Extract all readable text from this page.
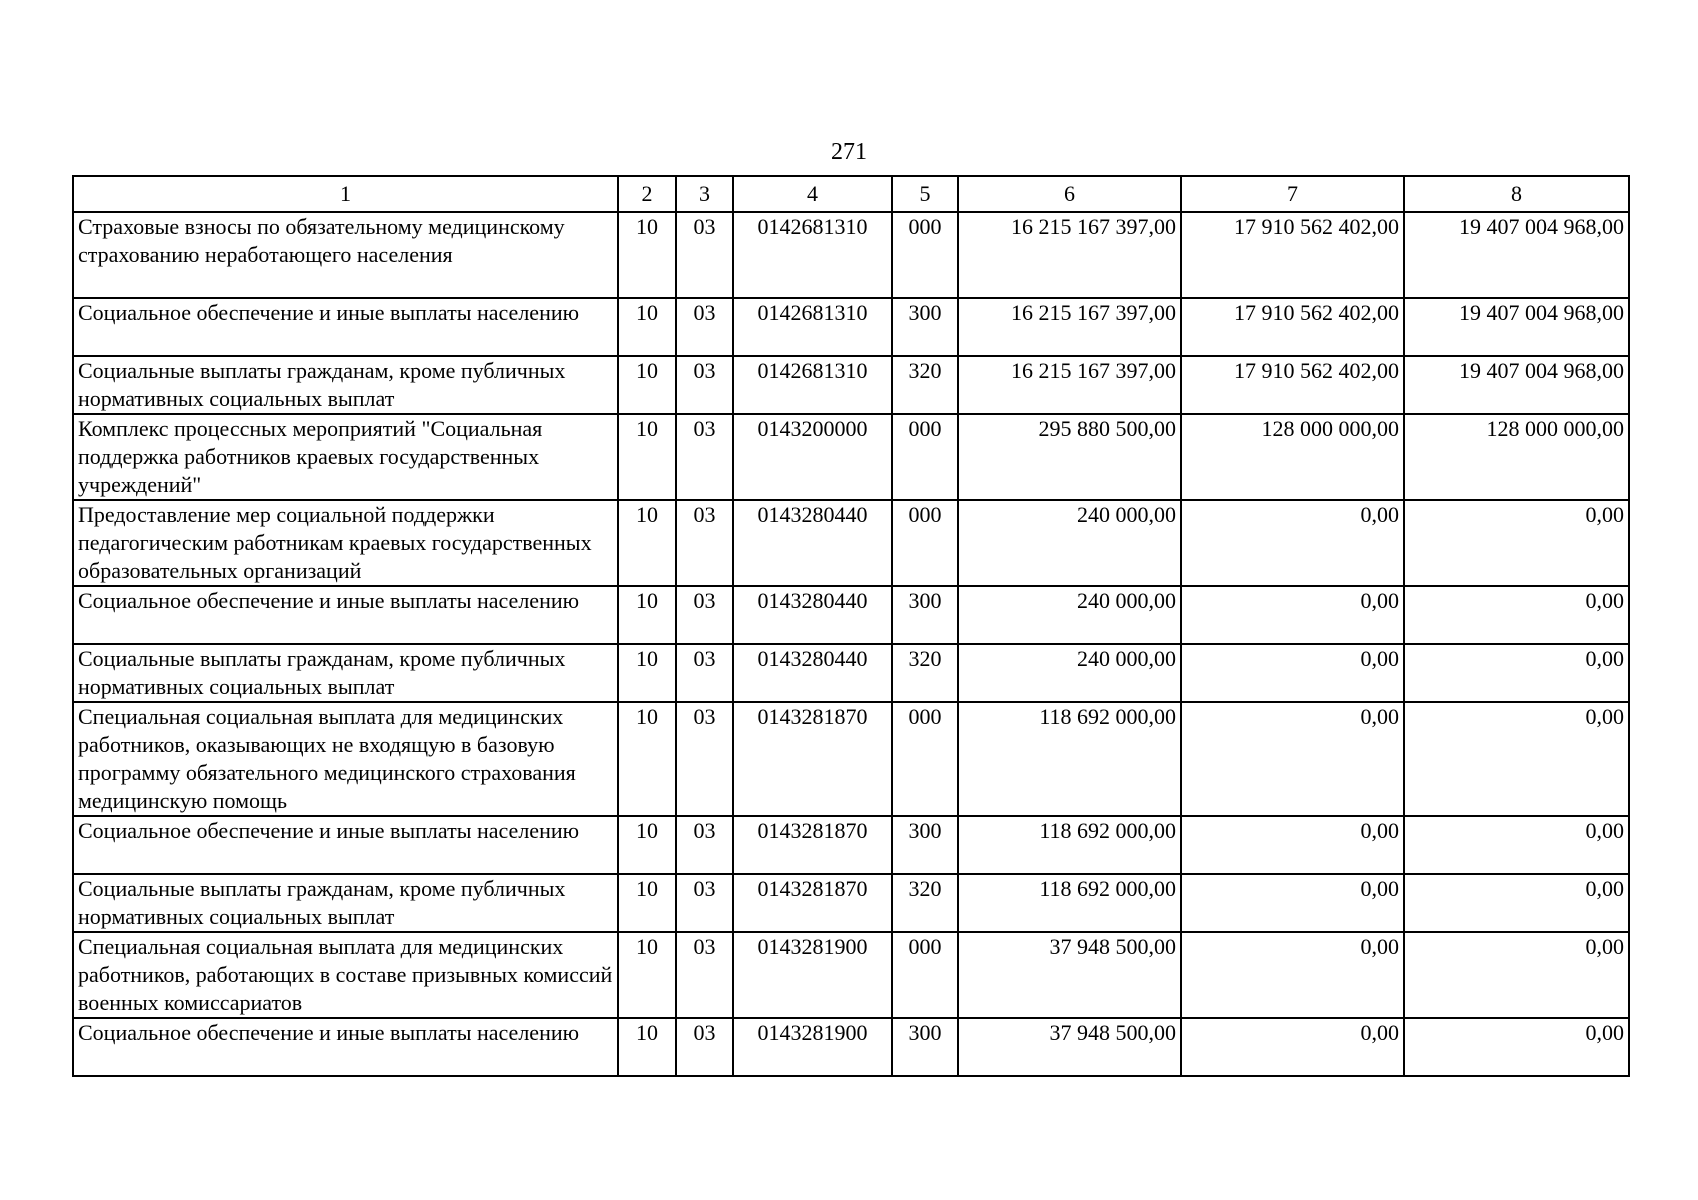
271
1	2	3	4	5	6	7	8
Страховые взносы по обязательному медицинскому страхованию неработающего населения	10	03	0142681310	000	16 215 167 397,00	17 910 562 402,00	19 407 004 968,00
Социальное обеспечение и иные выплаты населению	10	03	0142681310	300	16 215 167 397,00	17 910 562 402,00	19 407 004 968,00
Социальные выплаты гражданам, кроме публичных нормативных социальных выплат	10	03	0142681310	320	16 215 167 397,00	17 910 562 402,00	19 407 004 968,00
Комплекс процессных мероприятий "Социальная поддержка работников краевых государственных учреждений"	10	03	0143200000	000	295 880 500,00	128 000 000,00	128 000 000,00
Предоставление мер социальной поддержки педагогическим работникам краевых государственных образовательных организаций	10	03	0143280440	000	240 000,00	0,00	0,00
Социальное обеспечение и иные выплаты населению	10	03	0143280440	300	240 000,00	0,00	0,00
Социальные выплаты гражданам, кроме публичных нормативных социальных выплат	10	03	0143280440	320	240 000,00	0,00	0,00
Специальная социальная выплата для медицинских работников, оказывающих не входящую в базовую программу обязательного медицинского страхования медицинскую помощь	10	03	0143281870	000	118 692 000,00	0,00	0,00
Социальное обеспечение и иные выплаты населению	10	03	0143281870	300	118 692 000,00	0,00	0,00
Социальные выплаты гражданам, кроме публичных нормативных социальных выплат	10	03	0143281870	320	118 692 000,00	0,00	0,00
Специальная социальная выплата для медицинских работников, работающих в составе призывных комиссий военных комиссариатов	10	03	0143281900	000	37 948 500,00	0,00	0,00
Социальное обеспечение и иные выплаты населению	10	03	0143281900	300	37 948 500,00	0,00	0,00
